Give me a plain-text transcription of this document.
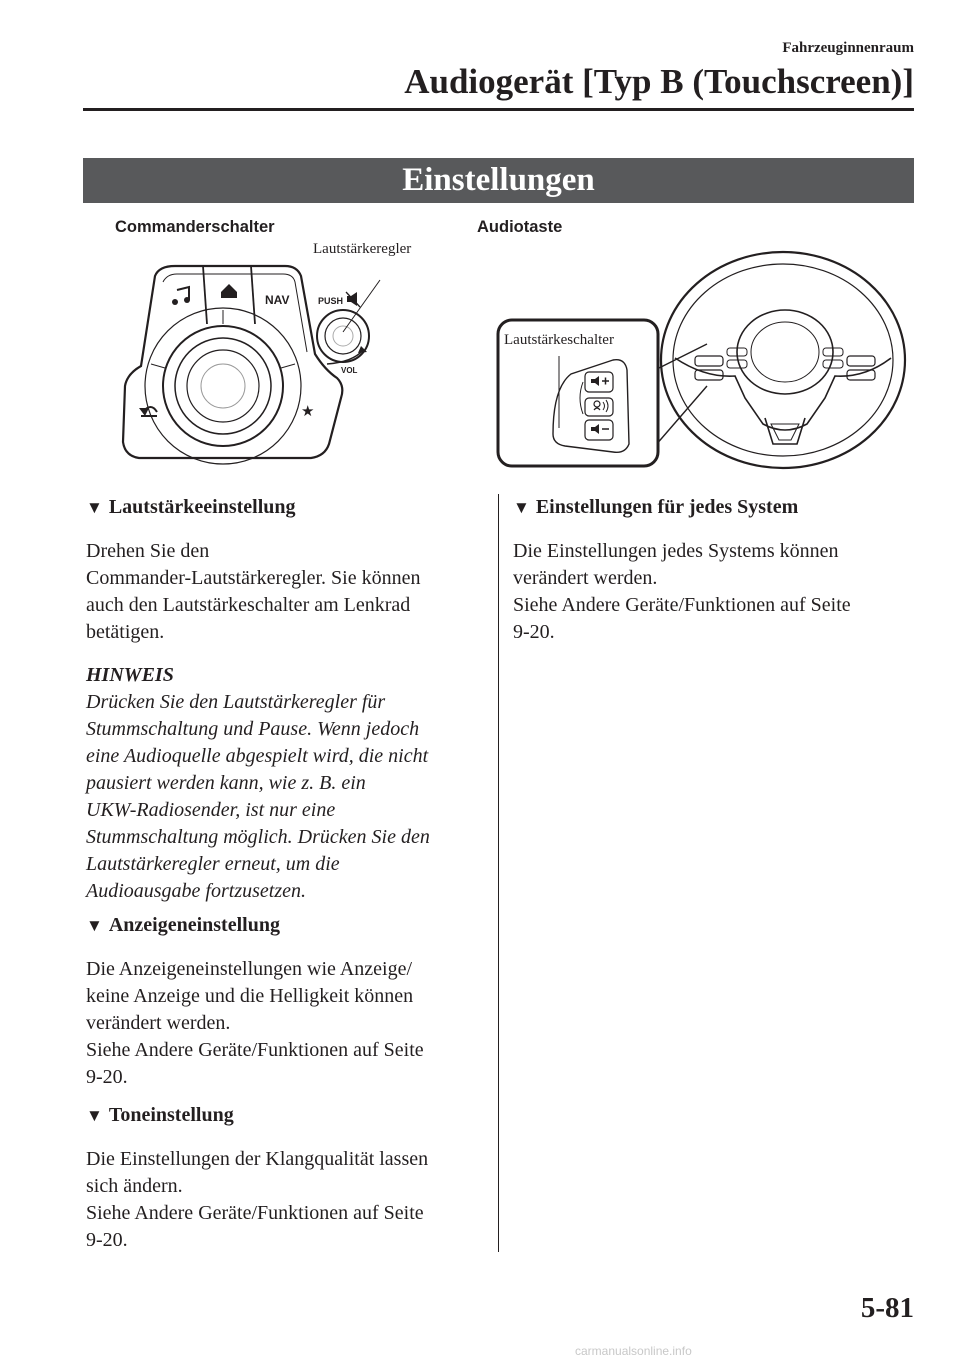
Fahrzeuginnenraum
Audiogerät [Typ B (Touchscreen)]
Einstellungen
Commanderschalter
Lautstärkeregler
NAV
★
PUSH
VOL
Audiotaste
Lautstärkeschalter
▼ Lautstärkeeinstellung
Drehen Sie den
Commander-Lautstärkeregler. Sie können
auch den Lautstärkeschalter am Lenkrad
betätigen.
HINWEIS
Drücken Sie den Lautstärkeregler für
Stummschaltung und Pause. Wenn jedoch
eine Audioquelle abgespielt wird, die nicht
pausiert werden kann, wie z. B. ein
UKW-Radiosender, ist nur eine
Stummschaltung möglich. Drücken Sie den
Lautstärkeregler erneut, um die
Audioausgabe fortzusetzen.
▼ Anzeigeneinstellung
Die Anzeigeneinstellungen wie Anzeige/
keine Anzeige und die Helligkeit können
verändert werden.
Siehe Andere Geräte/Funktionen auf Seite
9-20.
▼ Toneinstellung
Die Einstellungen der Klangqualität lassen
sich ändern.
Siehe Andere Geräte/Funktionen auf Seite
9-20.
▼ Einstellungen für jedes System
Die Einstellungen jedes Systems können
verändert werden.
Siehe Andere Geräte/Funktionen auf Seite
9-20.
5-81
carmanualsonline.info
